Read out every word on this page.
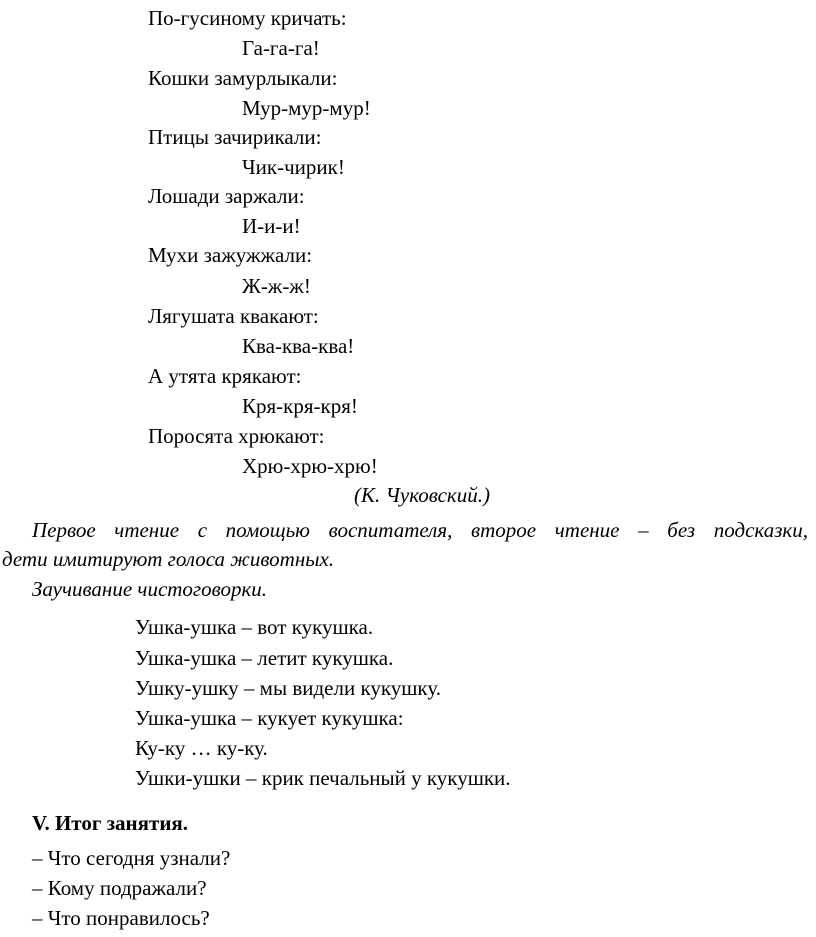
По-гусиному кричать:
Га-га-га!
Кошки замурлыкали:
Мур-мур-мур!
Птицы зачирикали:
Чик-чирик!
Лошади заржали:
И-и-и!
Мухи зажужжали:
Ж-ж-ж!
Лягушата квакают:
Ква-ква-ква!
А утята крякают:
Кря-кря-кря!
Поросята хрюкают:
Хрю-хрю-хрю!
(К. Чуковский.)
Первое чтение с помощью воспитателя, второе чтение – без подсказки,
дети имитируют голоса животных.
Заучивание чистоговорки.
Ушка-ушка – вот кукушка.
Ушка-ушка – летит кукушка.
Ушку-ушку – мы видели кукушку.
Ушка-ушка – кукует кукушка:
Ку-ку … ку-ку.
Ушки-ушки – крик печальный у кукушки.
V. Итог занятия.
– Что сегодня узнали?
– Кому подражали?
– Что понравилось?
